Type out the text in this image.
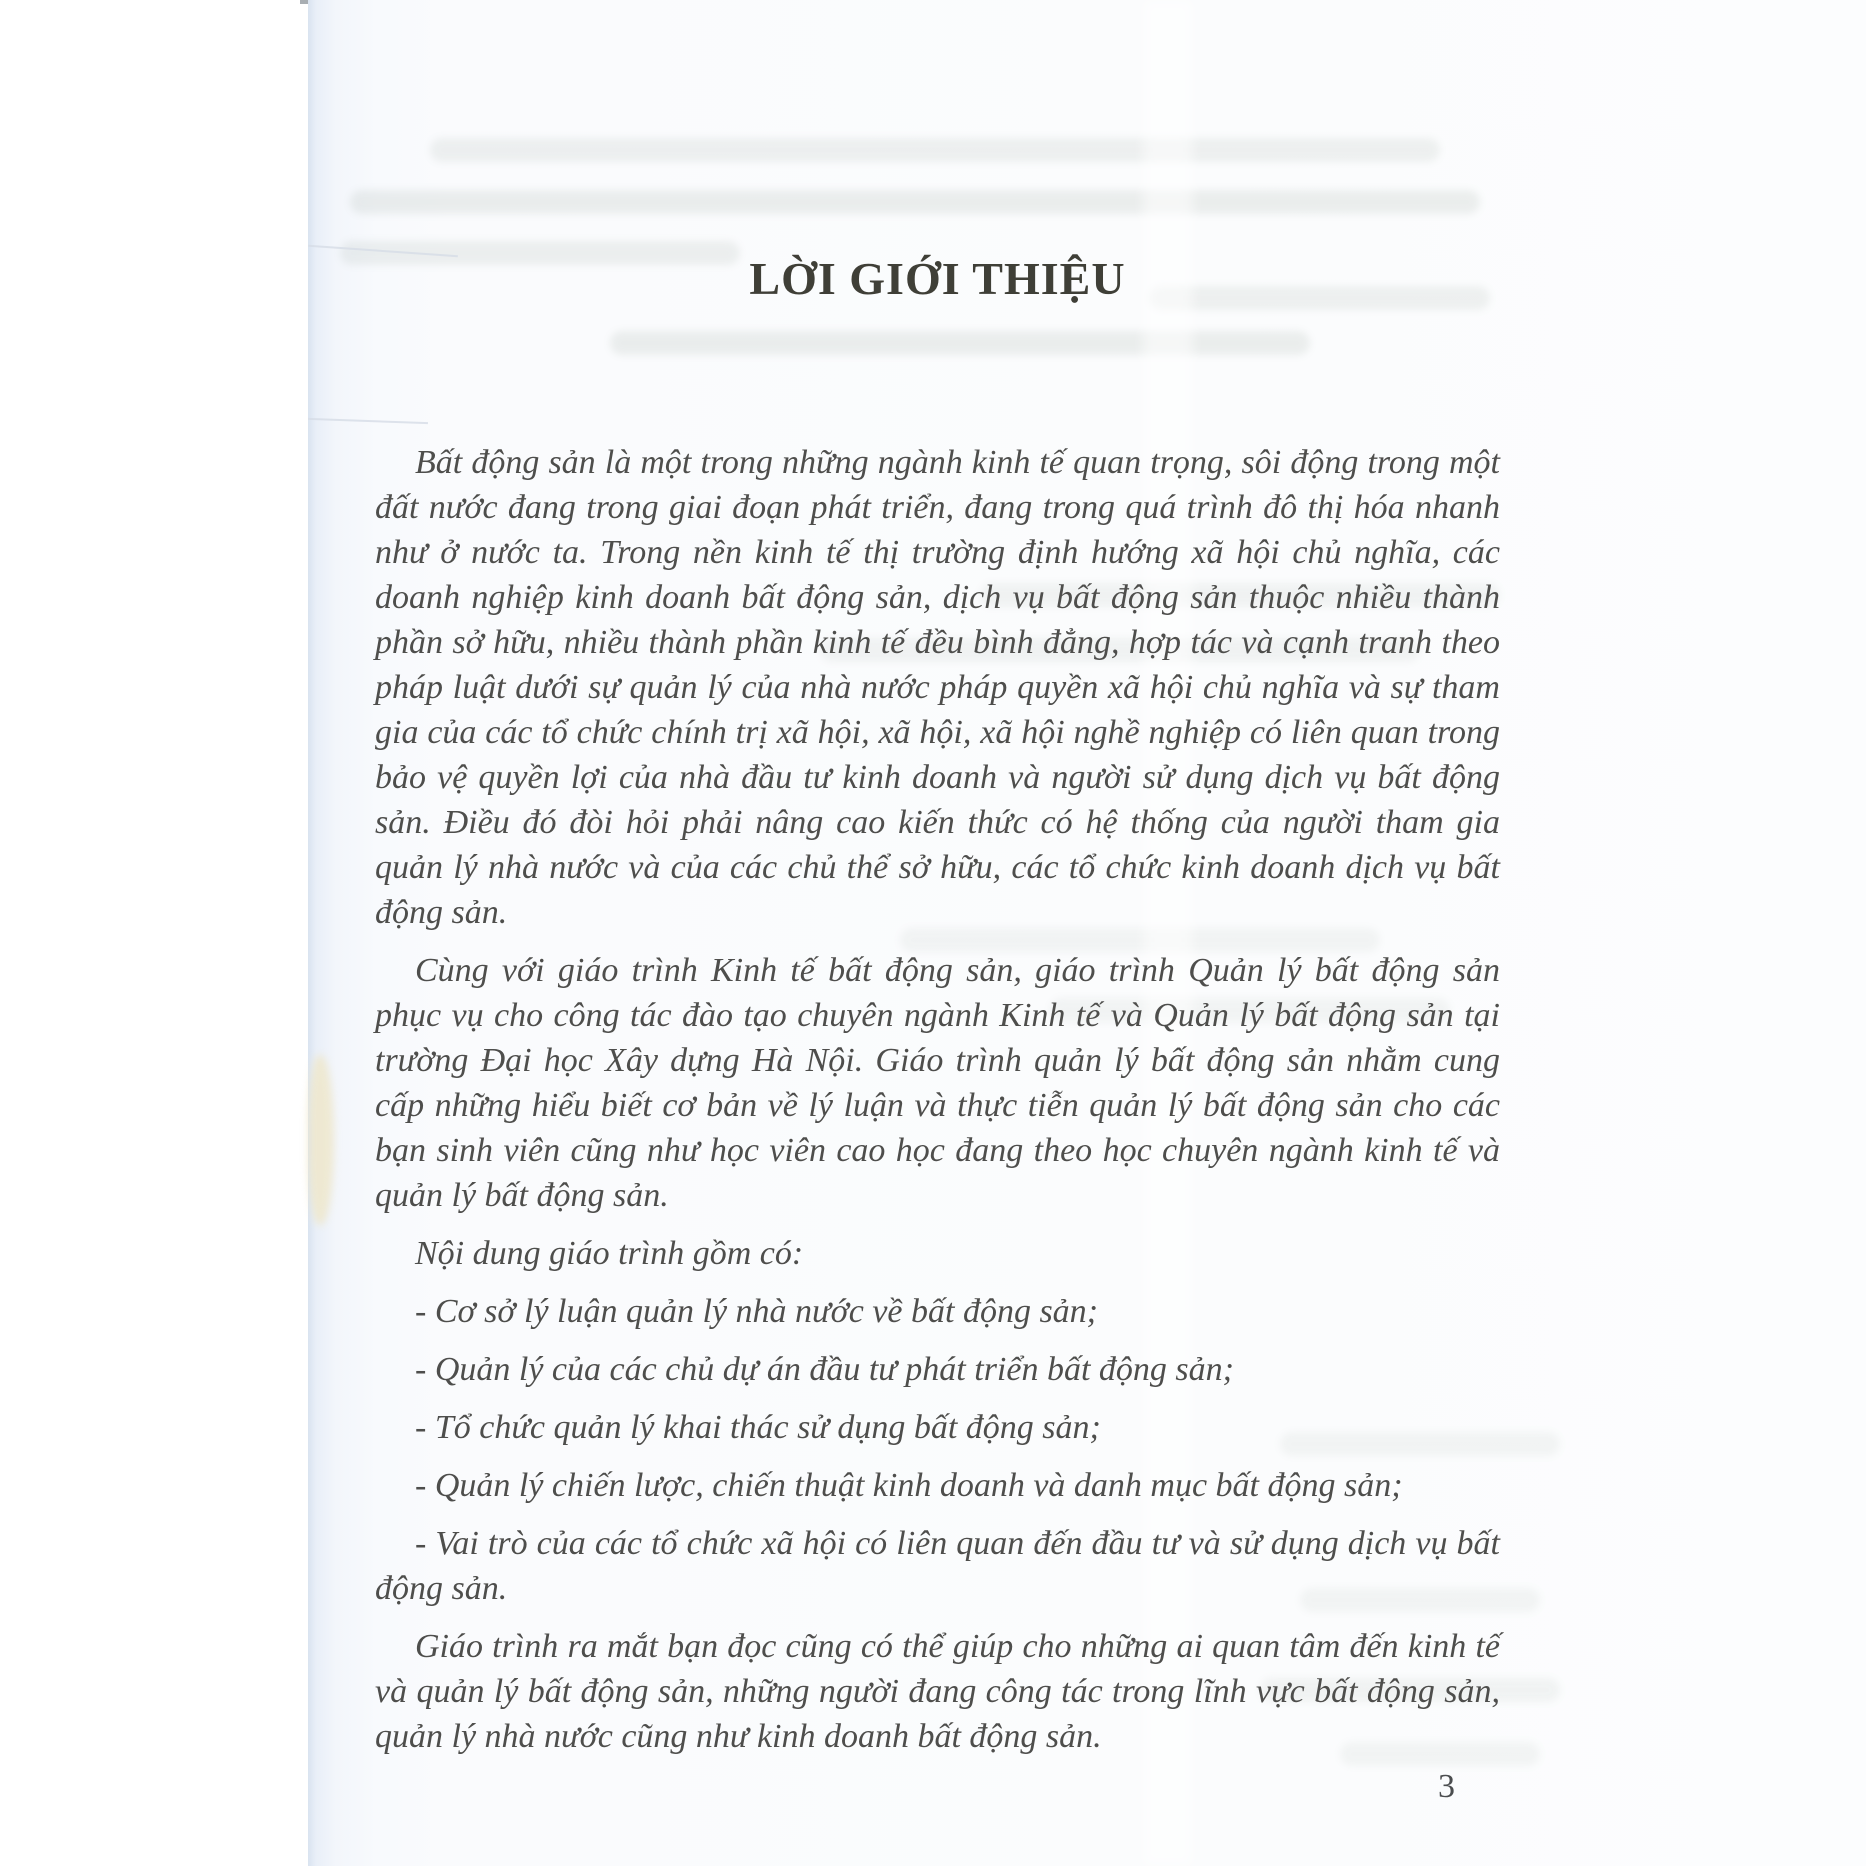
LỜI GIỚI THIỆU

Bất động sản là một trong những ngành kinh tế quan trọng, sôi động trong một đất nước đang trong giai đoạn phát triển, đang trong quá trình đô thị hóa nhanh như ở nước ta. Trong nền kinh tế thị trường định hướng xã hội chủ nghĩa, các doanh nghiệp kinh doanh bất động sản, dịch vụ bất động sản thuộc nhiều thành phần sở hữu, nhiều thành phần kinh tế đều bình đẳng, hợp tác và cạnh tranh theo pháp luật dưới sự quản lý của nhà nước pháp quyền xã hội chủ nghĩa và sự tham gia của các tổ chức chính trị xã hội, xã hội, xã hội nghề nghiệp có liên quan trong bảo vệ quyền lợi của nhà đầu tư kinh doanh và người sử dụng dịch vụ bất động sản. Điều đó đòi hỏi phải nâng cao kiến thức có hệ thống của người tham gia quản lý nhà nước và của các chủ thể sở hữu, các tổ chức kinh doanh dịch vụ bất động sản.

Cùng với giáo trình Kinh tế bất động sản, giáo trình Quản lý bất động sản phục vụ cho công tác đào tạo chuyên ngành Kinh tế và Quản lý bất động sản tại trường Đại học Xây dựng Hà Nội. Giáo trình quản lý bất động sản nhằm cung cấp những hiểu biết cơ bản về lý luận và thực tiễn quản lý bất động sản cho các bạn sinh viên cũng như học viên cao học đang theo học chuyên ngành kinh tế và quản lý bất động sản.

Nội dung giáo trình gồm có:

- Cơ sở lý luận quản lý nhà nước về bất động sản;

- Quản lý của các chủ dự án đầu tư phát triển bất động sản;

- Tổ chức quản lý khai thác sử dụng bất động sản;

- Quản lý chiến lược, chiến thuật kinh doanh và danh mục bất động sản;

- Vai trò của các tổ chức xã hội có liên quan đến đầu tư và sử dụng dịch vụ bất động sản.

Giáo trình ra mắt bạn đọc cũng có thể giúp cho những ai quan tâm đến kinh tế và quản lý bất động sản, những người đang công tác trong lĩnh vực bất động sản, quản lý nhà nước cũng như kinh doanh bất động sản.

3
